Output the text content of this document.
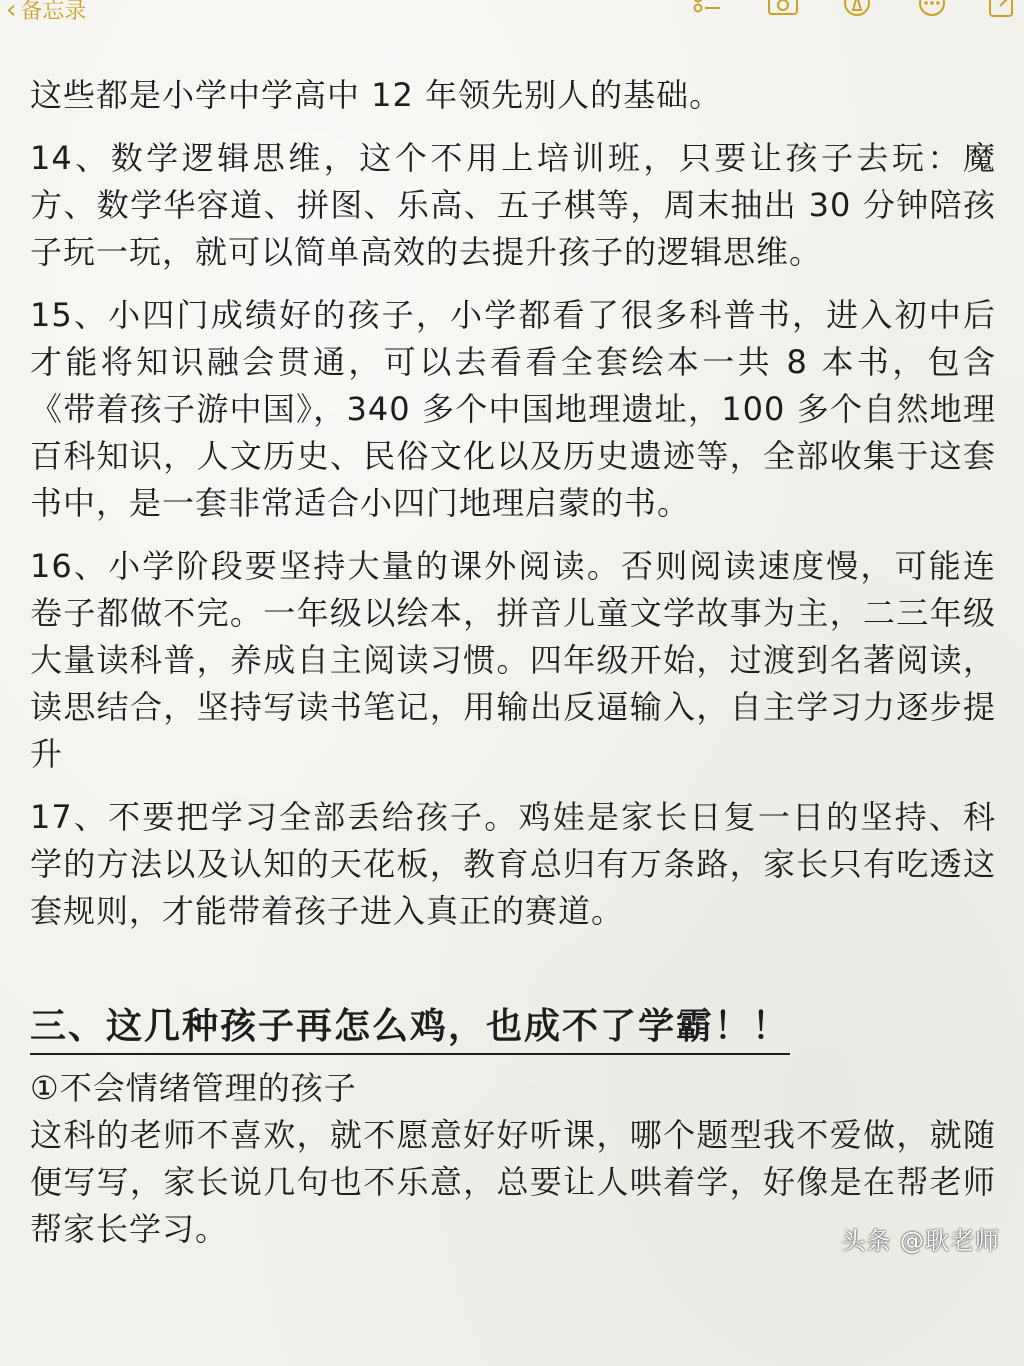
‹ 备忘录

这些都是小学中学高中 12 年领先别人的基础。

14、数学逻辑思维，这个不用上培训班，只要让孩子去玩：魔方、数学华容道、拼图、乐高、五子棋等，周末抽出 30 分钟陪孩子玩一玩，就可以简单高效的去提升孩子的逻辑思维。

15、小四门成绩好的孩子，小学都看了很多科普书，进入初中后才能将知识融会贯通，可以去看看全套绘本一共 8 本书，包含《带着孩子游中国》，340 多个中国地理遗址，100 多个自然地理百科知识，人文历史、民俗文化以及历史遗迹等，全部收集于这套书中，是一套非常适合小四门地理启蒙的书。

16、小学阶段要坚持大量的课外阅读。否则阅读速度慢，可能连卷子都做不完。一年级以绘本，拼音儿童文学故事为主，二三年级大量读科普，养成自主阅读习惯。四年级开始，过渡到名著阅读，读思结合，坚持写读书笔记，用输出反逼输入，自主学习力逐步提升

17、不要把学习全部丢给孩子。鸡娃是家长日复一日的坚持、科学的方法以及认知的天花板，教育总归有万条路，家长只有吃透这套规则，才能带着孩子进入真正的赛道。

三、这几种孩子再怎么鸡，也成不了学霸！！

①不会情绪管理的孩子

这科的老师不喜欢，就不愿意好好听课，哪个题型我不爱做，就随便写写，家长说几句也不乐意，总要让人哄着学，好像是在帮老师帮家长学习。	头条 @耿老师
